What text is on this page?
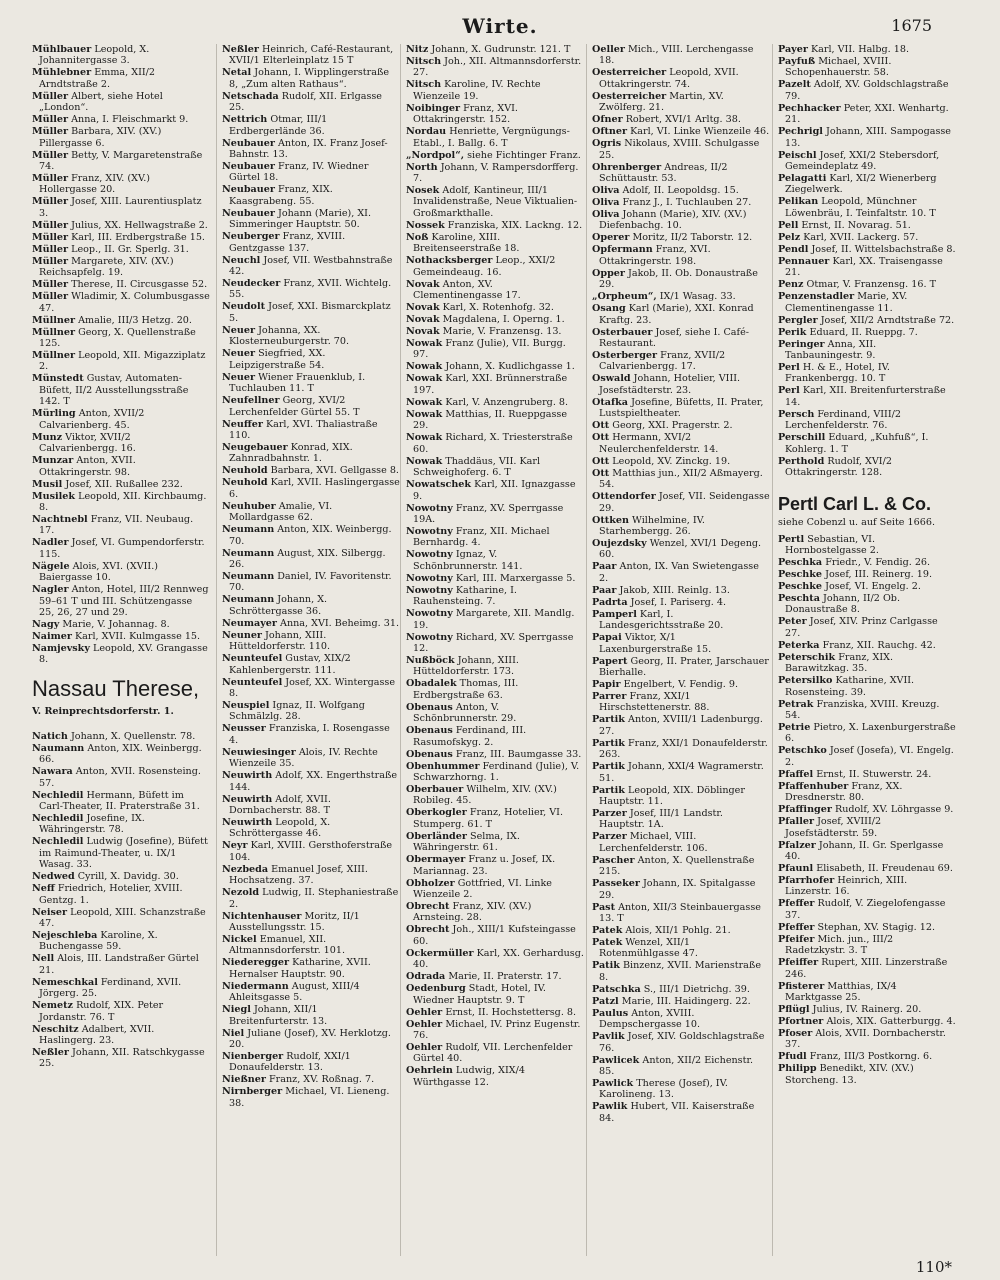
Wirte.	1675
Mühlbauer Leopold, X. Johannitergasse 3.
Mühlebner Emma, XII/2 Arndtstraße 2.
Müller Albert, siehe Hotel „London“.
Müller Anna, I. Fleischmarkt 9.
Müller Barbara, XIV. (XV.) Pillergasse 6.
Müller Betty, V. Margaretenstraße 74.
Müller Franz, XIV. (XV.) Hollergasse 20.
Müller Josef, XIII. Laurentiusplatz 3.
Müller Julius, XX. Hellwagstraße 2.
Müller Karl, III. Erdbergstraße 15.
Müller Leop., II. Gr. Sperlg. 31.
Müller Margarete, XIV. (XV.) Reichsapfelg. 19.
Müller Therese, II. Circusgasse 52.
Müller Wladimir, X. Columbusgasse 47.
Müllner Amalie, III/3 Hetzg. 20.
Müllner Georg, X. Quellenstraße 125.
Müllner Leopold, XII. Migazziplatz 2.
Münstedt Gustav, Automaten-Büfett, II/2 Ausstellungsstraße 142. T
Mürling Anton, XVII/2 Calvarienberg. 45.
Munz Viktor, XVII/2 Calvarienbergg. 16.
Munzar Anton, XVII. Ottakringerstr. 98.
Musil Josef, XII. Rußallee 232.
Musilek Leopold, XII. Kirchbaumg. 8.
Nachtnebl Franz, VII. Neubaug. 17.
Nadler Josef, VI. Gumpendorferstr. 115.
Nägele Alois, XVI. (XVII.) Baiergasse 10.
Nagler Anton, Hotel, III/2 Rennweg 59–61 T und III. Schützengasse 25, 26, 27 und 29.
Nagy Marie, V. Johannag. 8.
Naimer Karl, XVII. Kulmgasse 15.
Namjevsky Leopold, XV. Grangasse 8.
Nassau Therese,
V. Reinprechtsdorferstr. 1.
Natich Johann, X. Quellenstr. 78.
Naumann Anton, XIX. Weinbergg. 66.
Nawara Anton, XVII. Rosensteing. 57.
Nechledil Hermann, Büfett im Carl-Theater, II. Praterstraße 31.
Nechledil Josefine, IX. Währingerstr. 78.
Nechledil Ludwig (Josefine), Büfett im Raimund-Theater, u. IX/1 Wasag. 33.
Nedwed Cyrill, X. Davidg. 30.
Neff Friedrich, Hotelier, XVIII. Gentzg. 1.
Neiser Leopold, XIII. Schanzstraße 47.
Nejeschleba Karoline, X. Buchengasse 59.
Nell Alois, III. Landstraßer Gürtel 21.
Nemeschkal Ferdinand, XVII. Jörgerg. 25.
Nemetz Rudolf, XIX. Peter Jordanstr. 76. T
Neschitz Adalbert, XVII. Haslingerg. 23.
Neßler Johann, XII. Ratschkygasse 25.
Neßler Heinrich, Café-Restaurant, XVII/1 Elterleinplatz 15 T
Netal Johann, I. Wipplingerstraße 8, „Zum alten Rathaus“.
Netschada Rudolf, XII. Erlgasse 25.
Nettrich Otmar, III/1 Erdbergerlände 36.
Neubauer Anton, IX. Franz Josef-Bahnstr. 13.
Neubauer Franz, IV. Wiedner Gürtel 18.
Neubauer Franz, XIX. Kaasgrabeng. 55.
Neubauer Johann (Marie), XI. Simmeringer Hauptstr. 50.
Neuberger Franz, XVIII. Gentzgasse 137.
Neuchl Josef, VII. Westbahnstraße 42.
Neudecker Franz, XVII. Wichtelg. 55.
Neudolt Josef, XXI. Bismarckplatz 5.
Neuer Johanna, XX. Klosterneuburgerstr. 70.
Neuer Siegfried, XX. Leipzigerstraße 54.
Neuer Wiener Frauenklub, I. Tuchlauben 11. T
Neufellner Georg, XVI/2 Lerchenfelder Gürtel 55. T
Neuffer Karl, XVI. Thaliastraße 110.
Neugebauer Konrad, XIX. Zahnradbahnstr. 1.
Neuhold Barbara, XVI. Gellgasse 8.
Neuhold Karl, XVII. Haslingergasse 6.
Neuhuber Amalie, VI. Mollardgasse 62.
Neumann Anton, XIX. Weinbergg. 70.
Neumann August, XIX. Silbergg. 26.
Neumann Daniel, IV. Favoritenstr. 70.
Neumann Johann, X. Schröttergasse 36.
Neumayer Anna, XVI. Beheimg. 31.
Neuner Johann, XIII. Hütteldorferstr. 110.
Neunteufel Gustav, XIX/2 Kahlenbergerstr. 111.
Neunteufel Josef, XX. Wintergasse 8.
Neuspiel Ignaz, II. Wolfgang Schmälzlg. 28.
Neusser Franziska, I. Rosengasse 4.
Neuwiesinger Alois, IV. Rechte Wienzeile 35.
Neuwirth Adolf, XX. Engerthstraße 144.
Neuwirth Adolf, XVII. Dornbacherstr. 88. T
Neuwirth Leopold, X. Schröttergasse 46.
Neyr Karl, XVIII. Gersthoferstraße 104.
Nezbeda Emanuel Josef, XIII. Hochsatzeng. 37.
Nezold Ludwig, II. Stephaniestraße 2.
Nichtenhauser Moritz, II/1 Ausstellungsstr. 15.
Nickel Emanuel, XII. Altmannsdorferstr. 101.
Niederegger Katharine, XVII. Hernalser Hauptstr. 90.
Niedermann August, XIII/4 Ahleitsgasse 5.
Niegl Johann, XII/1 Breitenfurterstr. 13.
Niel Juliane (Josef), XV. Herklotzg. 20.
Nienberger Rudolf, XXI/1 Donaufelderstr. 13.
Nießner Franz, XV. Roßnag. 7.
Nirnberger Michael, VI. Lieneng. 38.
Nitz Johann, X. Gudrunstr. 121. T
Nitsch Joh., XII. Altmannsdorferstr. 27.
Nitsch Karoline, IV. Rechte Wienzeile 19.
Noibinger Franz, XVI. Ottakringerstr. 152.
Nordau Henriette, Vergnügungs-Etabl., I. Ballg. 6. T
„Nordpol“, siehe Fichtinger Franz.
North Johann, V. Rampersdorfferg. 7.
Nosek Adolf, Kantineur, III/1 Invalidenstraße, Neue Viktualien-Großmarkthalle.
Nossek Franziska, XIX. Lackng. 12.
Noß Karoline, XIII. Breitenseerstraße 18.
Nothacksberger Leop., XXI/2 Gemeindeaug. 16.
Novak Anton, XV. Clementinengasse 17.
Novak Karl, X. Rotenhofg. 32.
Novak Magdalena, I. Operng. 1.
Novak Marie, V. Franzensg. 13.
Nowak Franz (Julie), VII. Burgg. 97.
Nowak Johann, X. Kudlichgasse 1.
Nowak Karl, XXI. Brünnerstraße 197.
Nowak Karl, V. Anzengruberg. 8.
Nowak Matthias, II. Rueppgasse 29.
Nowak Richard, X. Triesterstraße 60.
Nowak Thaddäus, VII. Karl Schweighoferg. 6. T
Nowatschek Karl, XII. Ignazgasse 9.
Nowotny Franz, XV. Sperrgasse 19A.
Nowotny Franz, XII. Michael Bernhardg. 4.
Nowotny Ignaz, V. Schönbrunnerstr. 141.
Nowotny Karl, III. Marxergasse 5.
Nowotny Katharine, I. Rauhensteing. 7.
Nowotny Margarete, XII. Mandlg. 19.
Nowotny Richard, XV. Sperrgasse 12.
Nußböck Johann, XIII. Hütteldorferstr. 173.
Obadalek Thomas, III. Erdbergstraße 63.
Obenaus Anton, V. Schönbrunnerstr. 29.
Obenaus Ferdinand, III. Rasumofskyg. 2.
Obenaus Franz, III. Baumgasse 33.
Obenhummer Ferdinand (Julie), V. Schwarzhorng. 1.
Oberbauer Wilhelm, XIV. (XV.) Robileg. 45.
Oberkogler Franz, Hotelier, VI. Stumperg. 61. T
Oberländer Selma, IX. Währingerstr. 61.
Obermayer Franz u. Josef, IX. Mariannag. 23.
Obholzer Gottfried, VI. Linke Wienzeile 2.
Obrecht Franz, XIV. (XV.) Arnsteing. 28.
Obrecht Joh., XIII/1 Kufsteingasse 60.
Ockermüller Karl, XX. Gerhardusg. 40.
Odrada Marie, II. Praterstr. 17.
Oedenburg Stadt, Hotel, IV. Wiedner Hauptstr. 9. T
Oehler Ernst, II. Hochstettersg. 8.
Oehler Michael, IV. Prinz Eugenstr. 76.
Oehler Rudolf, VII. Lerchenfelder Gürtel 40.
Oehrlein Ludwig, XIX/4 Würthgasse 12.
Oeller Mich., VIII. Lerchengasse 18.
Oesterreicher Leopold, XVII. Ottakringerstr. 74.
Oesterreicher Martin, XV. Zwölferg. 21.
Ofner Robert, XVI/1 Arltg. 38.
Oftner Karl, VI. Linke Wienzeile 46.
Ogris Nikolaus, XVIII. Schulgasse 25.
Ohrenberger Andreas, II/2 Schüttaustr. 53.
Oliva Adolf, II. Leopoldsg. 15.
Oliva Franz J., I. Tuchlauben 27.
Oliva Johann (Marie), XIV. (XV.) Diefenbachg. 10.
Operer Moritz, II/2 Taborstr. 12.
Opfermann Franz, XVI. Ottakringerstr. 198.
Opper Jakob, II. Ob. Donaustraße 29.
„Orpheum“, IX/1 Wasag. 33.
Osang Karl (Marie), XXI. Konrad Kraftg. 23.
Osterbauer Josef, siehe I. Café-Restaurant.
Osterberger Franz, XVII/2 Calvarienbergg. 17.
Oswald Johann, Hotelier, VIII. Josefstädterstr. 23.
Otafka Josefine, Büfetts, II. Prater, Lustspieltheater.
Ott Georg, XXI. Pragerstr. 2.
Ott Hermann, XVI/2 Neulerchenfelderstr. 14.
Ott Leopold, XV. Zinckg. 19.
Ott Matthias jun., XII/2 Aßmayerg. 54.
Ottendorfer Josef, VII. Seidengasse 29.
Ottken Wilhelmine, IV. Starhembergg. 26.
Oujezdsky Wenzel, XVI/1 Degeng. 60.
Paar Anton, IX. Van Swietengasse 2.
Paar Jakob, XIII. Reinlg. 13.
Padrta Josef, I. Pariserg. 4.
Pamperl Karl, I. Landesgerichtsstraße 20.
Papai Viktor, X/1 Laxenburgerstraße 15.
Papert Georg, II. Prater, Jarschauer Bierhalle.
Papir Engelbert, V. Fendig. 9.
Parrer Franz, XXI/1 Hirschstettenerstr. 88.
Partik Anton, XVIII/1 Ladenburgg. 27.
Partik Franz, XXI/1 Donaufelderstr. 263.
Partik Johann, XXI/4 Wagramerstr. 51.
Partik Leopold, XIX. Döblinger Hauptstr. 11.
Parzer Josef, III/1 Landstr. Hauptstr. 1A.
Parzer Michael, VIII. Lerchenfelderstr. 106.
Pascher Anton, X. Quellenstraße 215.
Passeker Johann, IX. Spitalgasse 29.
Past Anton, XII/3 Steinbauergasse 13. T
Patek Alois, XII/1 Pohlg. 21.
Patek Wenzel, XII/1 Rotenmühlgasse 47.
Patik Binzenz, XVII. Marienstraße 8.
Patschka S., III/1 Dietrichg. 39.
Patzl Marie, III. Haidingerg. 22.
Paulus Anton, XVIII. Dempschergasse 10.
Pavlik Josef, XIV. Goldschlagstraße 76.
Pawlicek Anton, XII/2 Eichenstr. 85.
Pawlick Therese (Josef), IV. Karolineng. 13.
Pawlik Hubert, VII. Kaiserstraße 84.
Payer Karl, VII. Halbg. 18.
Payfuß Michael, XVIII. Schopenhauerstr. 58.
Pazelt Adolf, XV. Goldschlagstraße 79.
Pechhacker Peter, XXI. Wenhartg. 21.
Pechrigl Johann, XIII. Sampogasse 13.
Peischl Josef, XXI/2 Stebersdorf, Gemeindeplatz 49.
Pelagatti Karl, XI/2 Wienerberg Ziegelwerk.
Pelikan Leopold, Münchner Löwenbräu, I. Teinfaltstr. 10. T
Pell Ernst, II. Novarag. 51.
Pelz Karl, XVII. Lackerg. 57.
Pendl Josef, II. Wittelsbachstraße 8.
Pennauer Karl, XX. Traisengasse 21.
Penz Otmar, V. Franzensg. 16. T
Penzenstadler Marie, XV. Clementinengasse 11.
Pergler Josef, XII/2 Arndtstraße 72.
Perik Eduard, II. Rueppg. 7.
Peringer Anna, XII. Tanbauningestr. 9.
Perl H. & E., Hotel, IV. Frankenbergg. 10. T
Perl Karl, XII. Breitenfurterstraße 14.
Persch Ferdinand, VIII/2 Lerchenfelderstr. 76.
Perschill Eduard, „Kuhfuß“, I. Kohlerg. 1. T
Perthold Rudolf, XVI/2 Ottakringerstr. 128.
Pertl Carl L. & Co.
siehe Cobenzl u. auf Seite 1666.
Pertl Sebastian, VI. Hornbostelgasse 2.
Peschka Friedr., V. Fendig. 26.
Peschke Josef, III. Reinerg. 19.
Peschke Josef, VI. Engelg. 2.
Peschta Johann, II/2 Ob. Donaustraße 8.
Peter Josef, XIV. Prinz Carlgasse 27.
Peterka Franz, XII. Rauchg. 42.
Peterschik Franz, XIX. Barawitzkag. 35.
Petersilko Katharine, XVII. Rosensteing. 39.
Petrak Franziska, XVIII. Kreuzg. 54.
Petrie Pietro, X. Laxenburgerstraße 6.
Petschko Josef (Josefa), VI. Engelg. 2.
Pfaffel Ernst, II. Stuwerstr. 24.
Pfaffenhuber Franz, XX. Dresdnerstr. 80.
Pfaffinger Rudolf, XV. Löhrgasse 9.
Pfaller Josef, XVIII/2 Josefstädterstr. 59.
Pfalzer Johann, II. Gr. Sperlgasse 40.
Pfaunl Elisabeth, II. Freudenau 69.
Pfarrhofer Heinrich, XIII. Linzerstr. 16.
Pfeffer Rudolf, V. Ziegelofengasse 37.
Pfeffer Stephan, XV. Stagig. 12.
Pfeifer Mich. jun., III/2 Radetzkystr. 3. T
Pfeiffer Rupert, XIII. Linzerstraße 246.
Pfisterer Matthias, IX/4 Marktgasse 25.
Pflügl Julius, IV. Rainerg. 20.
Pfortner Alois, XIX. Gatterburgg. 4.
Pfoser Alois, XVII. Dornbacherstr. 37.
Pfudl Franz, III/3 Postkorng. 6.
Philipp Benedikt, XIV. (XV.) Storcheng. 13.
110*
